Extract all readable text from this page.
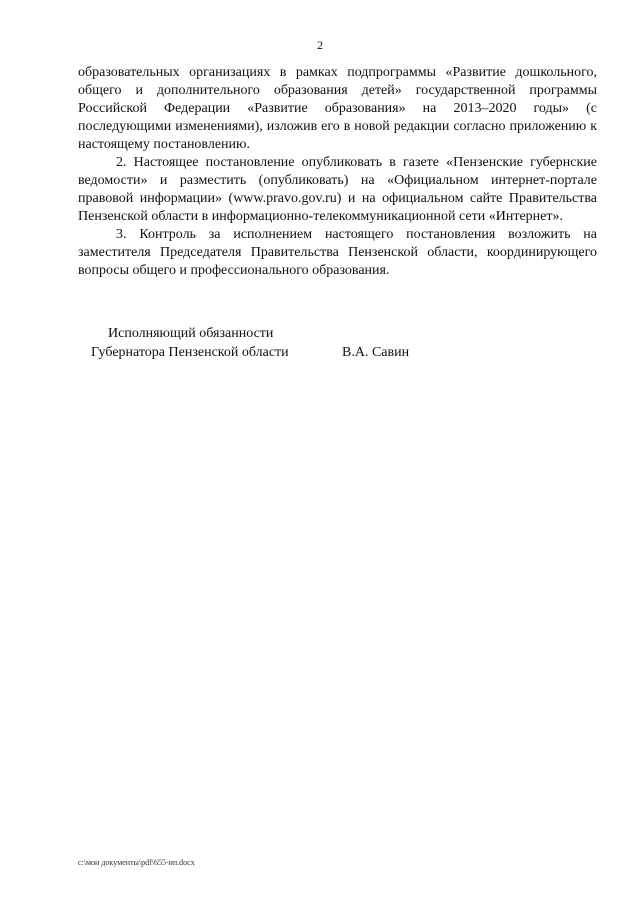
2

образовательных организациях в рамках подпрограммы «Развитие дошкольного, общего и дополнительного образования детей» государственной программы Российской Федерации «Развитие образования» на 2013–2020 годы» (с последующими изменениями), изложив его в новой редакции согласно приложению к настоящему постановлению.

2. Настоящее постановление опубликовать в газете «Пензенские губернские ведомости» и разместить (опубликовать) на «Официальном интернет-портале правовой информации» (www.pravo.gov.ru) и на официальном сайте Правительства Пензенской области в информационно-телекоммуникационной сети «Интернет».

3. Контроль за исполнением настоящего постановления возложить на заместителя Председателя Правительства Пензенской области, координирующего вопросы общего и профессионального образования.

Исполняющий обязанности
Губернатора Пензенской области	В.А. Савин
c:\мои документы\pdf\655-ип.docx
